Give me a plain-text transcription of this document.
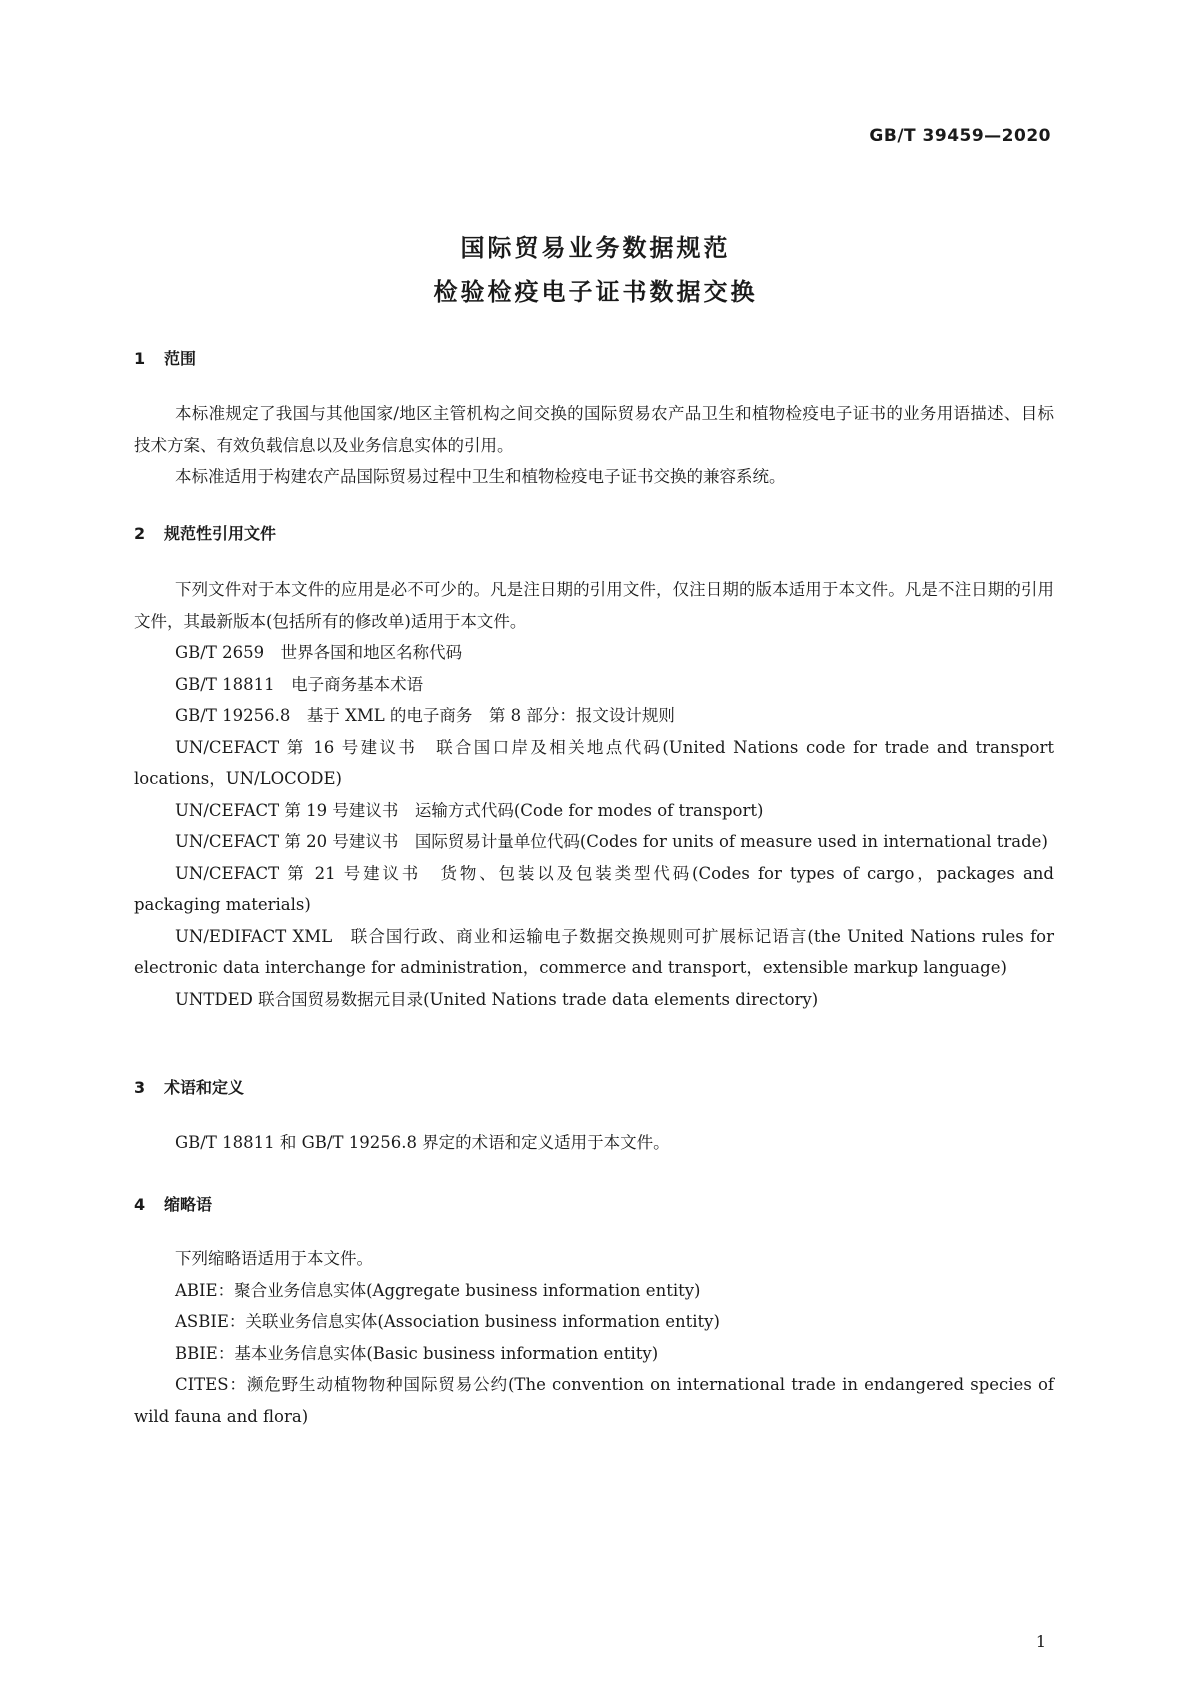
GB/T 39459—2020
国际贸易业务数据规范
检验检疫电子证书数据交换
1 范围

本标准规定了我国与其他国家/地区主管机构之间交换的国际贸易农产品卫生和植物检疫电子证书的业务用语描述、目标技术方案、有效负载信息以及业务信息实体的引用。

本标准适用于构建农产品国际贸易过程中卫生和植物检疫电子证书交换的兼容系统。

2 规范性引用文件

下列文件对于本文件的应用是必不可少的。凡是注日期的引用文件，仅注日期的版本适用于本文件。凡是不注日期的引用文件，其最新版本(包括所有的修改单)适用于本文件。

GB/T 2659　世界各国和地区名称代码

GB/T 18811　电子商务基本术语

GB/T 19256.8　基于 XML 的电子商务　第 8 部分：报文设计规则

UN/CEFACT 第 16 号建议书　联合国口岸及相关地点代码(United Nations code for trade and transport locations，UN/LOCODE)

UN/CEFACT 第 19 号建议书　运输方式代码(Code for modes of transport)

UN/CEFACT 第 20 号建议书　国际贸易计量单位代码(Codes for units of measure used in international trade)

UN/CEFACT 第 21 号建议书　货物、包装以及包装类型代码(Codes for types of cargo，packages and packaging materials)

UN/EDIFACT XML　联合国行政、商业和运输电子数据交换规则可扩展标记语言(the United Nations rules for electronic data interchange for administration，commerce and transport，extensible markup language)

UNTDED 联合国贸易数据元目录(United Nations trade data elements directory)

3 术语和定义

GB/T 18811 和 GB/T 19256.8 界定的术语和定义适用于本文件。

4 缩略语

下列缩略语适用于本文件。

ABIE：聚合业务信息实体(Aggregate business information entity)

ASBIE：关联业务信息实体(Association business information entity)

BBIE：基本业务信息实体(Basic business information entity)

CITES：濒危野生动植物物种国际贸易公约(The convention on international trade in endangered species of wild fauna and flora)

1
